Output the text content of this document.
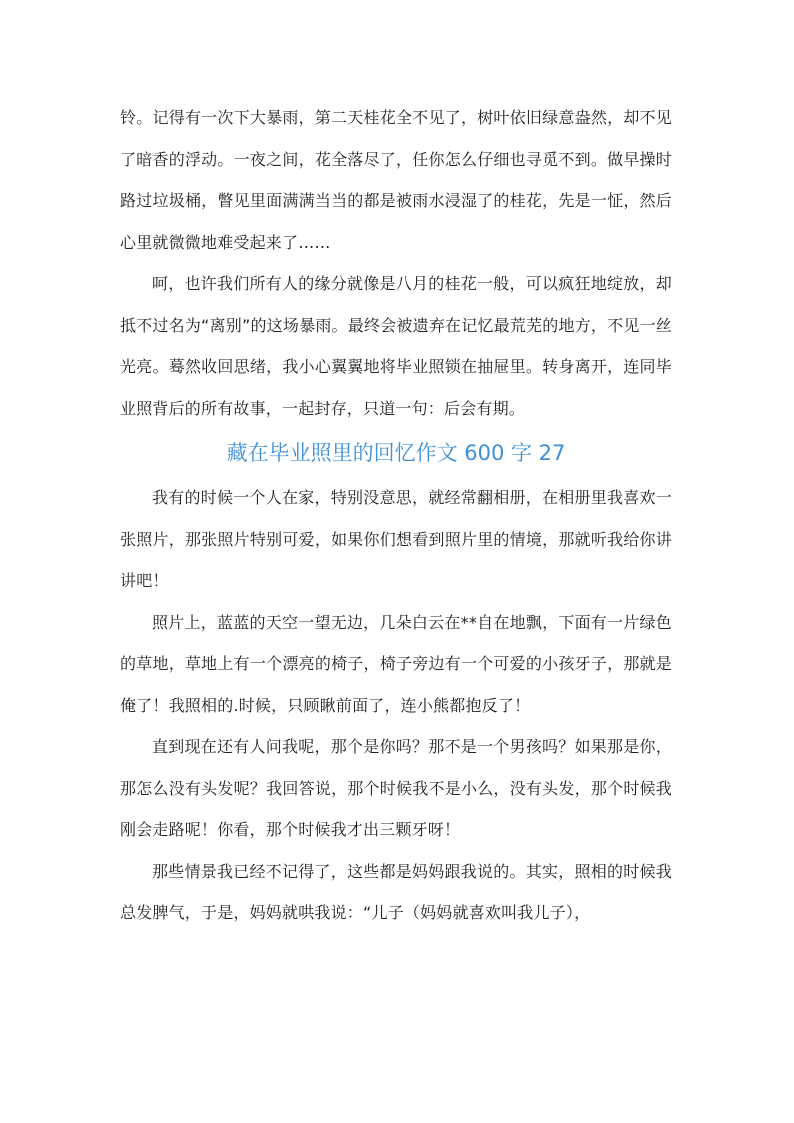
铃。记得有一次下大暴雨，第二天桂花全不见了，树叶依旧绿意盎然，却不见了暗香的浮动。一夜之间，花全落尽了，任你怎么仔细也寻觅不到。做早操时路过垃圾桶，瞥见里面满满当当的都是被雨水浸湿了的桂花，先是一怔，然后心里就微微地难受起来了……

呵，也许我们所有人的缘分就像是八月的桂花一般，可以疯狂地绽放，却抵不过名为“离别”的这场暴雨。最终会被遗弃在记忆最荒芜的地方，不见一丝光亮。蓦然收回思绪，我小心翼翼地将毕业照锁在抽屉里。转身离开，连同毕业照背后的所有故事，一起封存，只道一句：后会有期。

藏在毕业照里的回忆作文 600 字 27

我有的时候一个人在家，特别没意思，就经常翻相册，在相册里我喜欢一张照片，那张照片特别可爱，如果你们想看到照片里的情境，那就听我给你讲讲吧！

照片上，蓝蓝的天空一望无边，几朵白云在**自在地飘，下面有一片绿色的草地，草地上有一个漂亮的椅子，椅子旁边有一个可爱的小孩牙子，那就是俺了！我照相的.时候，只顾瞅前面了，连小熊都抱反了！

直到现在还有人问我呢，那个是你吗？那不是一个男孩吗？如果那是你，那怎么没有头发呢？我回答说，那个时候我不是小么，没有头发，那个时候我刚会走路呢！你看，那个时候我才出三颗牙呀！

那些情景我已经不记得了，这些都是妈妈跟我说的。其实，照相的时候我总发脾气，于是，妈妈就哄我说：“儿子（妈妈就喜欢叫我儿子），
